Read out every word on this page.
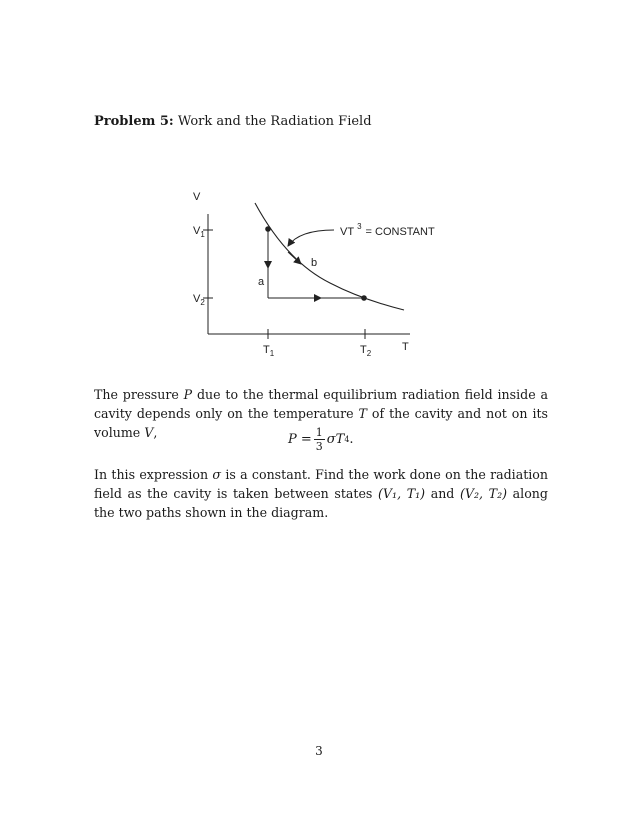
Problem 5: Work and the Radiation Field
V
T
$V_1$
$V_2$
$T_1$	$T_2$
a
b
VT $^3$ = CONSTANT
The pressure P due to the thermal equilibrium radiation field inside a cavity depends only on the temperature T of the cavity and not on its volume V,	$P = \frac{1}{3}$ σT 4 .
In this expression σ is a constant. Find the work done on the radiation field as the cavity is taken between states (V₁, T₁) and (V₂, T₂) along the two paths shown in the diagram.
3
